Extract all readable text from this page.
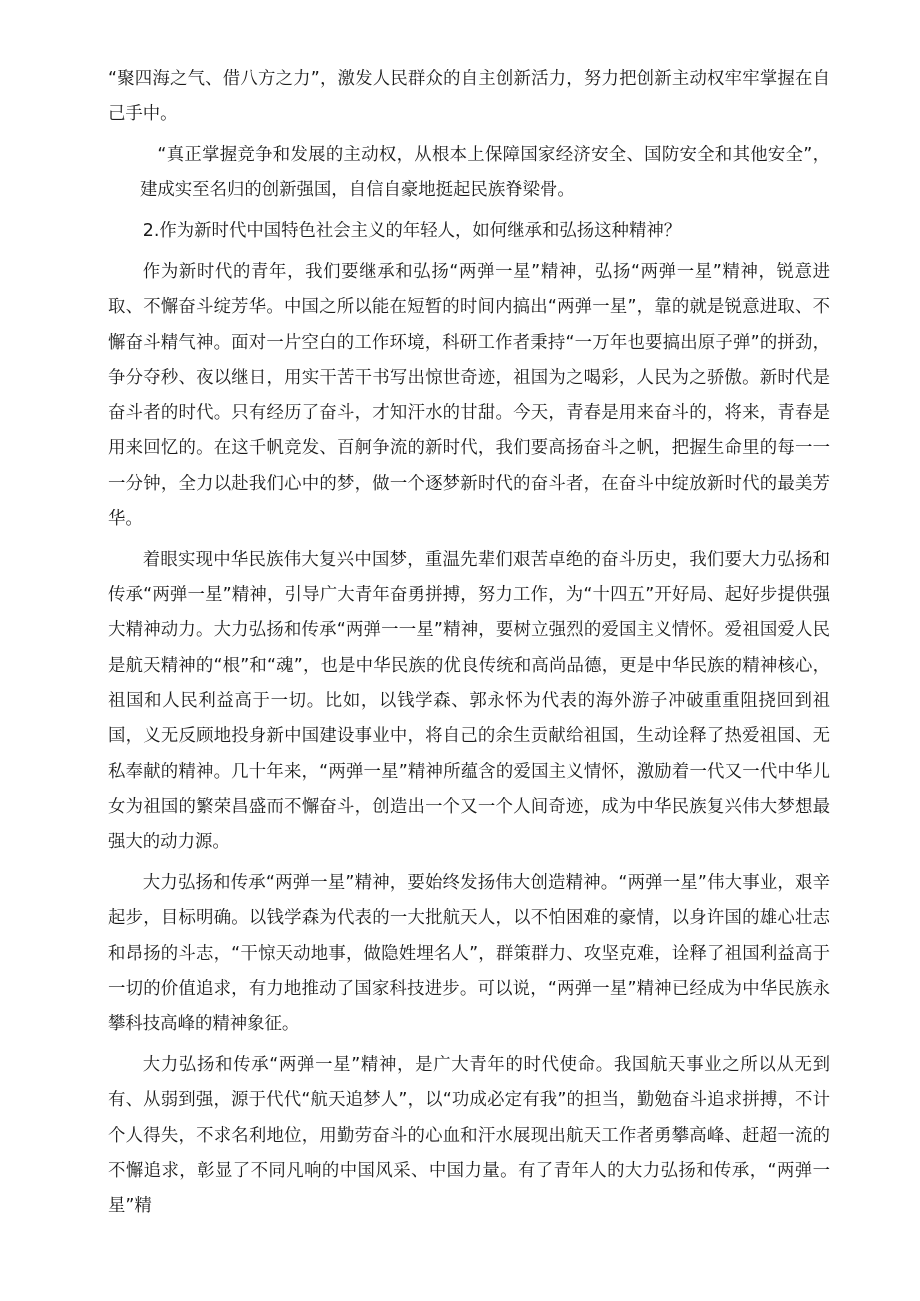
“聚四海之气、借八方之力”，激发人民群众的自主创新活力，努力把创新主动权牢牢掌握在自己手中。

“真正掌握竞争和发展的主动权，从根本上保障国家经济安全、国防安全和其他安全”，建成实至名归的创新强国，自信自豪地挺起民族脊梁骨。

2.作为新时代中国特色社会主义的年轻人，如何继承和弘扬这种精神？

作为新时代的青年，我们要继承和弘扬“两弹一星”精神，弘扬“两弹一星”精神，锐意进取、不懈奋斗绽芳华。中国之所以能在短暂的时间内搞出“两弹一星”，靠的就是锐意进取、不懈奋斗精气神。面对一片空白的工作环境，科研工作者秉持“一万年也要搞出原子弹”的拼劲，争分夺秒、夜以继日，用实干苦干书写出惊世奇迹，祖国为之喝彩，人民为之骄傲。新时代是奋斗者的时代。只有经历了奋斗，才知汗水的甘甜。今天，青春是用来奋斗的，将来，青春是用来回忆的。在这千帆竞发、百舸争流的新时代，我们要高扬奋斗之帆，把握生命里的每一一一分钟，全力以赴我们心中的梦，做一个逐梦新时代的奋斗者，在奋斗中绽放新时代的最美芳华。

着眼实现中华民族伟大复兴中国梦，重温先辈们艰苦卓绝的奋斗历史，我们要大力弘扬和传承“两弹一星”精神，引导广大青年奋勇拼搏，努力工作，为“十四五”开好局、起好步提供强大精神动力。大力弘扬和传承“两弹一一星”精神，要树立强烈的爱国主义情怀。爱祖国爱人民是航天精神的“根”和“魂”，也是中华民族的优良传统和高尚品德，更是中华民族的精神核心，祖国和人民利益高于一切。比如，以钱学森、郭永怀为代表的海外游子冲破重重阻挠回到祖国，义无反顾地投身新中国建设事业中，将自己的余生贡献给祖国，生动诠释了热爱祖国、无私奉献的精神。几十年来，“两弹一星”精神所蕴含的爱国主义情怀，激励着一代又一代中华儿女为祖国的繁荣昌盛而不懈奋斗，创造出一个又一个人间奇迹，成为中华民族复兴伟大梦想最强大的动力源。

大力弘扬和传承“两弹一星”精神，要始终发扬伟大创造精神。“两弹一星”伟大事业，艰辛起步，目标明确。以钱学森为代表的一大批航天人，以不怕困难的豪情，以身许国的雄心壮志和昂扬的斗志，“干惊天动地事，做隐姓埋名人”，群策群力、攻坚克难，诠释了祖国利益高于一切的价值追求，有力地推动了国家科技进步。可以说，“两弹一星”精神已经成为中华民族永攀科技高峰的精神象征。

大力弘扬和传承“两弹一星”精神，是广大青年的时代使命。我国航天事业之所以从无到有、从弱到强，源于代代“航天追梦人”，以“功成必定有我”的担当，勤勉奋斗追求拼搏，不计个人得失，不求名利地位，用勤劳奋斗的心血和汗水展现出航天工作者勇攀高峰、赶超一流的不懈追求，彰显了不同凡响的中国风采、中国力量。有了青年人的大力弘扬和传承，“两弹一星”精
